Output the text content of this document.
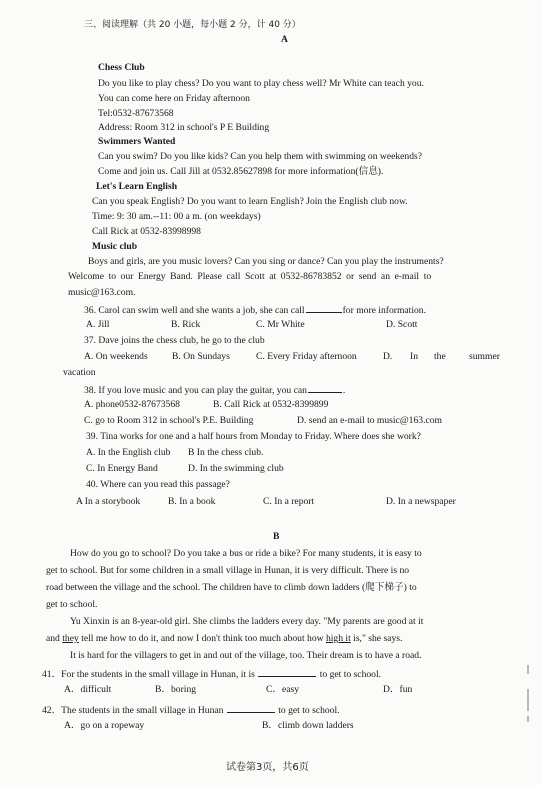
三、阅读理解（共 20 小题，每小题 2 分，计 40 分）
A
Chess Club
Do you like to play chess? Do you want to play chess well? Mr White can teach you.
You can come here on Friday afternoon
Tel:0532-87673568
Address: Room 312 in school's P E Building
Swimmers Wanted
Can you swim? Do you like kids? Can you help them with swimming on weekends?
Come and join us. Call Jill at 0532.85627898 for more information(信息).
Let's Learn English
Can you speak English? Do you want to learn English? Join the English club now.
Time: 9: 30 am.--11: 00 a m. (on weekdays)
Call Rick at 0532-83998998
Music club
Boys and girls, are you music lovers? Can you sing or dance? Can you play the instruments?
Welcome to our Energy Band. Please call Scott at 0532-86783852 or send an e-mail to
music@163.com.
36. Carol can swim well and she wants a job, she can call	for more information.
A. Jill	B. Rick	C. Mr White	D. Scott
37. Dave joins the chess club, he go to the club
A. On weekends	B. On Sundays	C. Every Friday afternoon	D. In the summer
vacation
38. If you love music and you can play the guitar, you can	.
A. phone0532-87673568	B. Call Rick at 0532-8399899
C. go to Room 312 in school's P.E. Building	D. send an e-mail to music@163.com
39. Tina works for one and a half hours from Monday to Friday. Where does she work?
A. In the English club B In the chess club.
C. In Energy Band	D. In the swimming club
40. Where can you read this passage?
A In a storybook	B. In a book	C. In a report	D. In a newspaper
B
How do you go to school? Do you take a bus or ride a bike? For many students, it is easy to
get to school. But for some children in a small village in Hunan, it is very difficult. There is no
road between the village and the school. The children have to climb down ladders (爬下梯子) to
get to school.
Yu Xinxin is an 8-year-old girl. She climbs the ladders every day. "My parents are good at it
and they tell me how to do it, and now I don't think too much about how high it is," she says.
It is hard for the villagers to get in and out of the village, too. Their dream is to have a road.
41．For the students in the small village in Hunan, it is	to get to school.
A．difficult	B．boring	C．easy	D．fun
42．The students in the small village in Hunan	to get to school.
A．go on a ropeway	B．climb down ladders
试卷第3页，共6页
